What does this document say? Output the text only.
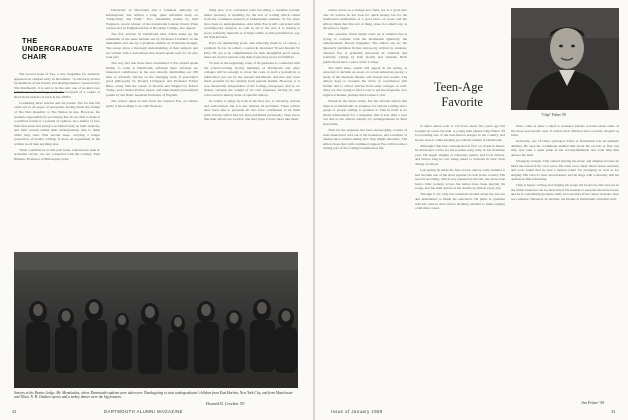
THE
UNDERGRADUATE
CHAIR

The second issue of Fee, a new magazine for students, appeared on campus early in December. "A scholarly review by members of the faculty and undergraduates" sponsored by The Dartmouth, it is said to be the only one of its kind ever published at the College, with the exception of a couple of short-lived endeavors back in the 1930's.

Containing three articles and six poems, Fee for this fall came out in 24 pages of newsprint, having much the format of The New Republic or The Nation in size. However, the students responsible for producing Fee do not aim to make it a political forum or a journal of opinion. As a matter of fact, their first issue last spring was faulted only on their audacity, and their sounds belied their undergraduate title to think while they read. This second issue, carrying a longer proportion of faculty writing, is more an experiment in the written word than anything else.

Three contributors to this past issue, well-known men in academic circles, are not connected with the College. Paul Holmes, Professor of Philosophy at the

University of Wisconsin and a foremost authority on Kierkegaard, has written a long, quite informed essay on "Objectivity and Faith." Two substantial poems by Neil Ferguson, recent winner of the nationwide Lamont Poetry Prize contest and an English teacher at Brooklyn College, also appear.

The five articles by Dartmouth men which make up the remainder of the issue include one by Professor Licklider on the humanities and one by a graduate student on Scriptural thought. The essays show a thorough understanding of their subjects and are written with a seriousness that should speak well for all who took part.

The very fact that these men contributed to Fee should speak further to some at Dartmouth, although there certainly are interested contributors in the area already. Reminding our 180 men of scholarly articles on the changing form of yesterday's good philosophy by Donald Livingston and Professor Edwin Bliss, along with the verses of Nevada and Wagner by Robert Tolley, and a Senior Fellow report, and other highly personalized poems by Ian Nash, Assistant Professor of English.

The review takes its title from the German Fee, an elusive spirit; it has nothing to do with finances.

thing else, it is concerned with becoming a readable journal, either quarterly or monthly, for the sort of writing which comes from the continued research of independent students. So far, there have been no undergraduates. And while Fee is still concerned with contemporary subjects, as well as all of the arts, it is hoping to prove scholarly material as of high calibre as that published in, say, the Yale Review.

Fee's are demanding goals, and achieving them is, of course, a problem. So far, its editors, Loudon R. Rowland '59 and Donald W. Pilot '59, are to be complimented for their thoughtful proof sense; there are several reasons why their hopes may never be fulfilled.

To start at the beginning, none of its graduates is connected with the scholar-writing faculty members of Dartmouth and other colleges will be enough to cover the costs of such a periodical. A publication put out by the present Dartmouth, and has only been made possible by the subsidy from general alumni. However, it is now financially independent of the College newspaper; that is, no money carrying the weight of its own expenses, having its own voice and not merely those of specific editors.

Its sound, to judge by both of the first two, is scholarly, serious and well-written, but it is not without its problems. These editors have been able to persuade all who have contributed to let them print articles which had not been published previously. They know that their efforts are worth it, and they hope to have more like them.

Seniors at the Ravine Lodge, Mr. Menalaskas, where Dartmouth students were taken over Thanksgiving to start undergraduates' children from East Harlem, New York City, and from Manchester and Tilton. N. H. Outdoor sports and a turkey dinner were the big features.
Howard D. Crockett '59
32	DARTMOUTH ALUMNI MAGAZINE

comes across as a strange new field, not as a good new one. Its writers do not look for quick money but for the intellectual satisfaction of a good piece of work; and the editors think that this sort of thing, done in a small way, is the place to begin.

One question which might come up is whether Fee is trying to compete with the Dartmouth Quarterly, the undergraduate literary magazine. The editors say no; the Quarterly publishes fiction and poetry written by students, whereas Fee is primarily interested in criticism and scholarly writing by both faculty and students. Both publications have a place at the College.

The third issue, which will appear in the spring, is expected to include an essay on recent American poetry, a study of the Japanese theater, and several new poems. The editors hope to broaden the circle of contributors still further and to attract articles from other colleges as well. They are also trying to find a way to put the magazine on a regular schedule, perhaps three issues a year.

Whatever the future holds, Fee has already shown that there is at Dartmouth an audience for serious writing and a group of people willing to produce it. That in itself is no small achievement for a magazine that is less than a year old and is run almost entirely by undergraduates in their spare time.

Thus far the response has been encouraging. Copies of both issues have sold out at the bookstore, and a number of alumni have written asking how they might subscribe. The editors hope that with continued support Fee will become a lasting part of the College's intellectual life.

Teen-Age
Favorite

A rather sullen rock 'n' roll fever about five years ago has brought us a new favorite. A young man named Chip Fisher '59 is becoming one of the best-known singers in the country, and he has done it while keeping up with his studies at Dartmouth.

Although Chip had concentrated at first on classical music, he developed a taste for the popular song early in his freshman year. He began singing at fraternity parties and local dances, and before long he was being asked to perform in New York during vacations.

Last spring he made his first record, and by early summer it had become one of the most popular records in the country. His second recording, which was released in the fall, has done even better. Disc jockeys across the nation have been playing his songs, and fan mail arrives at his dormitory almost every day.

Through it all, Chip has remained modest about his success and determined to finish his education. He plans to graduate with his class in June before deciding whether to make singing a full-time career.

"Chip" Fisher '59

more come as quite a relief to harassed parents worried about some of the more spectacular rock 'n' rollers their children have recently adopted as idols.

Ironically, one of Chip's principal critics at Dartmouth was an unlikely admirer. He says his roommates kidded him about his records at first, but they now take a quiet pride in his accomplishments and even help him answer his mail.

Strangely enough, Chip started playing the piano and singing because he liked the sound of his own voice. He went on to study music more seriously and soon found that he had a natural talent for arranging as well as for singing. His voice is clear and pleasant, and he sings with a sincerity that his audiences find refreshing.

Chip is happy writing and singing his songs but he knows that success in the music business can be short-lived. He intends to keep his interests broad, and he is considering graduate study in economics if his career in music does not continue. Whatever he decides, his friends at Dartmouth wish him well.

Jim Fisher '59
Issue of January 1959	33
